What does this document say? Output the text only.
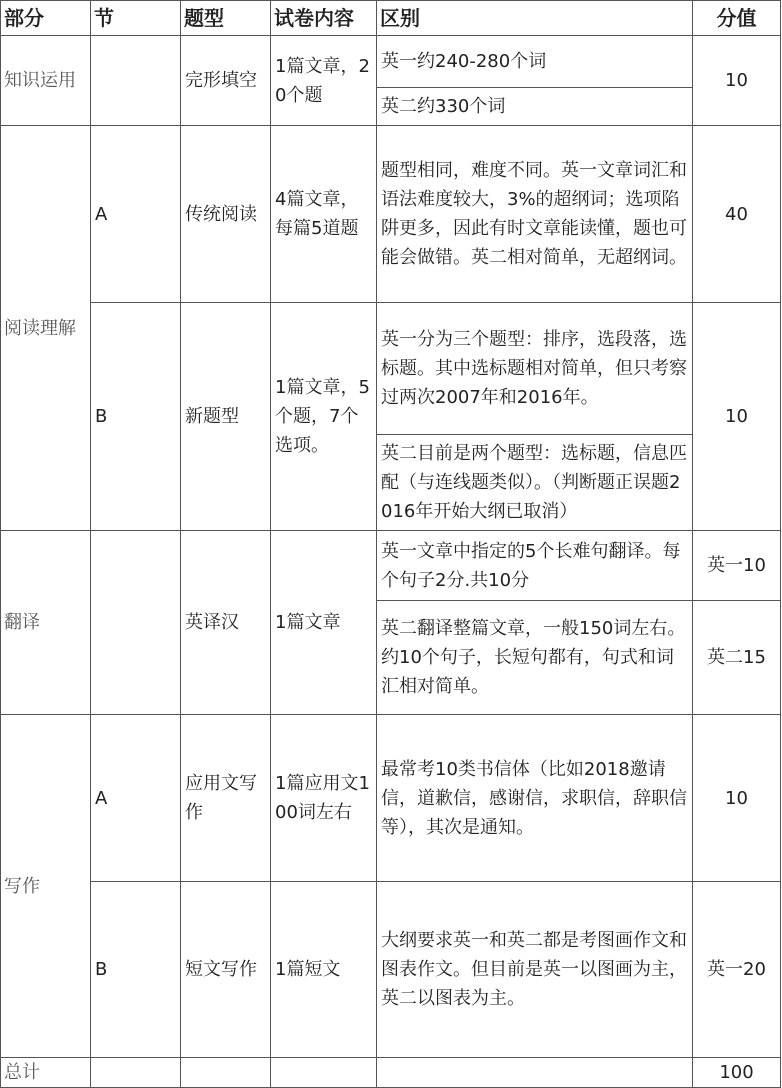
部分	节	题型	试卷内容	区别	分值
知识运用		完形填空	1篇文章，20个题	英一约240-280个词	10
				英二约330个词	
阅读理解	A	传统阅读	4篇文章，每篇5道题	题型相同，难度不同。英一文章词汇和语法难度较大，3%的超纲词；选项陷阱更多，因此有时文章能读懂，题也可能会做错。英二相对简单，无超纲词。	40
	B	新题型	1篇文章，5个题，7个选项。	英一分为三个题型：排序，选段落，选标题。其中选标题相对简单，但只考察过两次2007年和2016年。	10
				英二目前是两个题型：选标题，信息匹配（与连线题类似）。（判断题正误题2016年开始大纲已取消）	
翻译		英译汉	1篇文章	英一文章中指定的5个长难句翻译。每个句子2分.共10分	英一10
				英二翻译整篇文章，一般150词左右。约10个句子，长短句都有，句式和词汇相对简单。	英二15
写作	A	应用文写作	1篇应用文100词左右	最常考10类书信体（比如2018邀请信，道歉信，感谢信，求职信，辞职信等），其次是通知。	10
	B	短文写作	1篇短文	大纲要求英一和英二都是考图画作文和图表作文。但目前是英一以图画为主，英二以图表为主。	英一20
总计					100
